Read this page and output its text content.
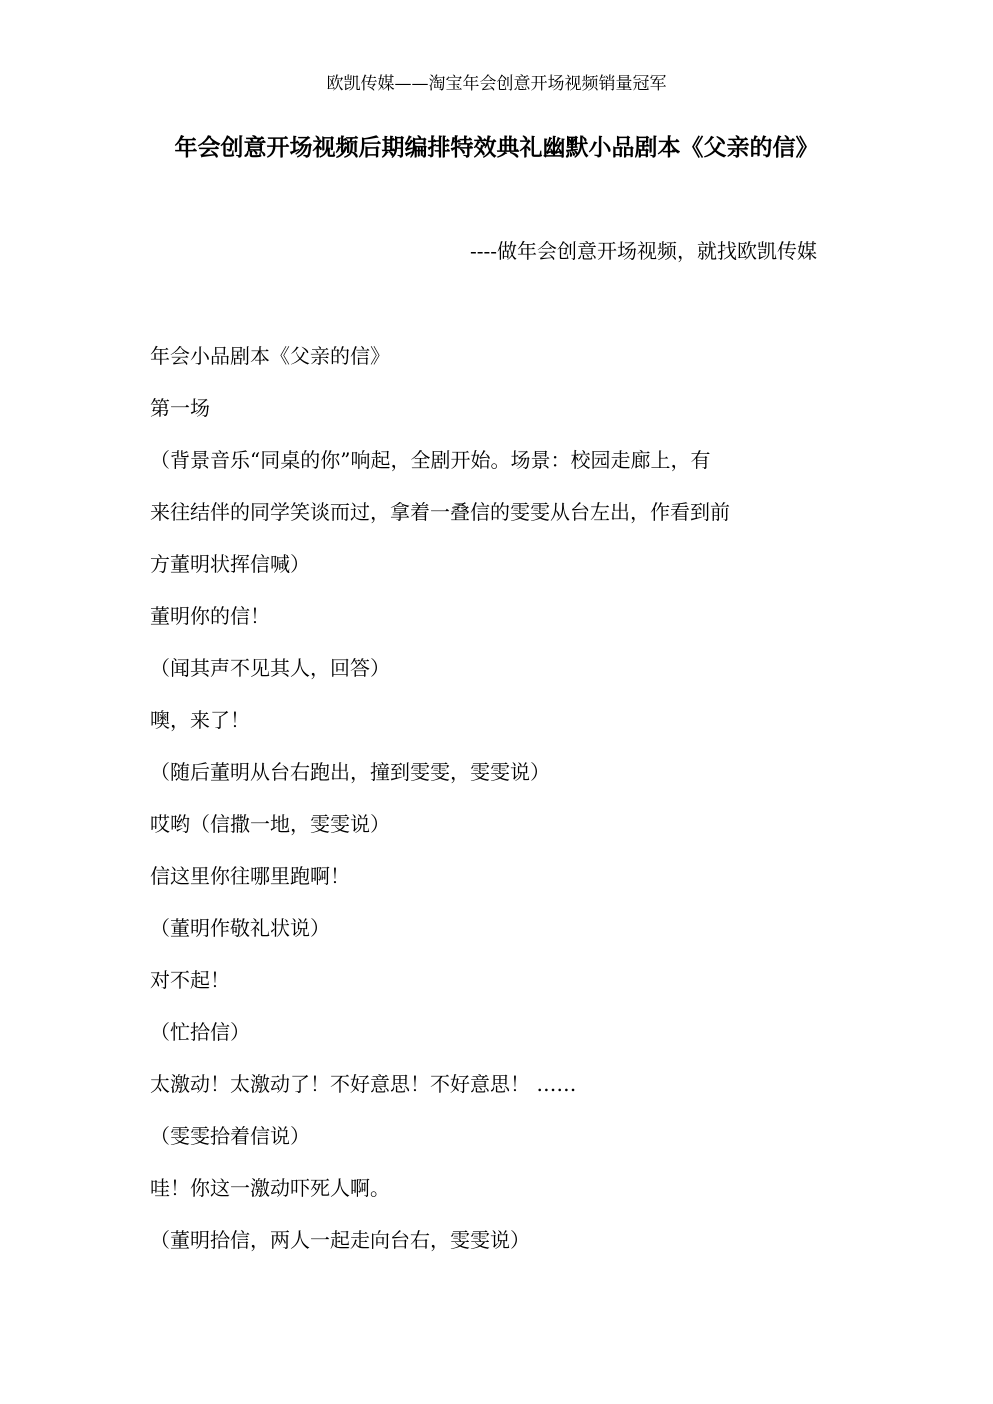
欧凯传媒——淘宝年会创意开场视频销量冠军
年会创意开场视频后期编排特效典礼幽默小品剧本《父亲的信》
----做年会创意开场视频，就找欧凯传媒
年会小品剧本《父亲的信》
第一场
（背景音乐“同桌的你”响起，全剧开始。场景：校园走廊上，有
来往结伴的同学笑谈而过，拿着一叠信的雯雯从台左出，作看到前
方董明状挥信喊）
董明你的信！
（闻其声不见其人，回答）
噢，来了！
（随后董明从台右跑出，撞到雯雯，雯雯说）
哎哟（信撒一地，雯雯说）
信这里你往哪里跑啊！
（董明作敬礼状说）
对不起！
（忙拾信）
太激动！太激动了！不好意思！不好意思！ ……
（雯雯拾着信说）
哇！你这一激动吓死人啊。
（董明拾信，两人一起走向台右，雯雯说）
